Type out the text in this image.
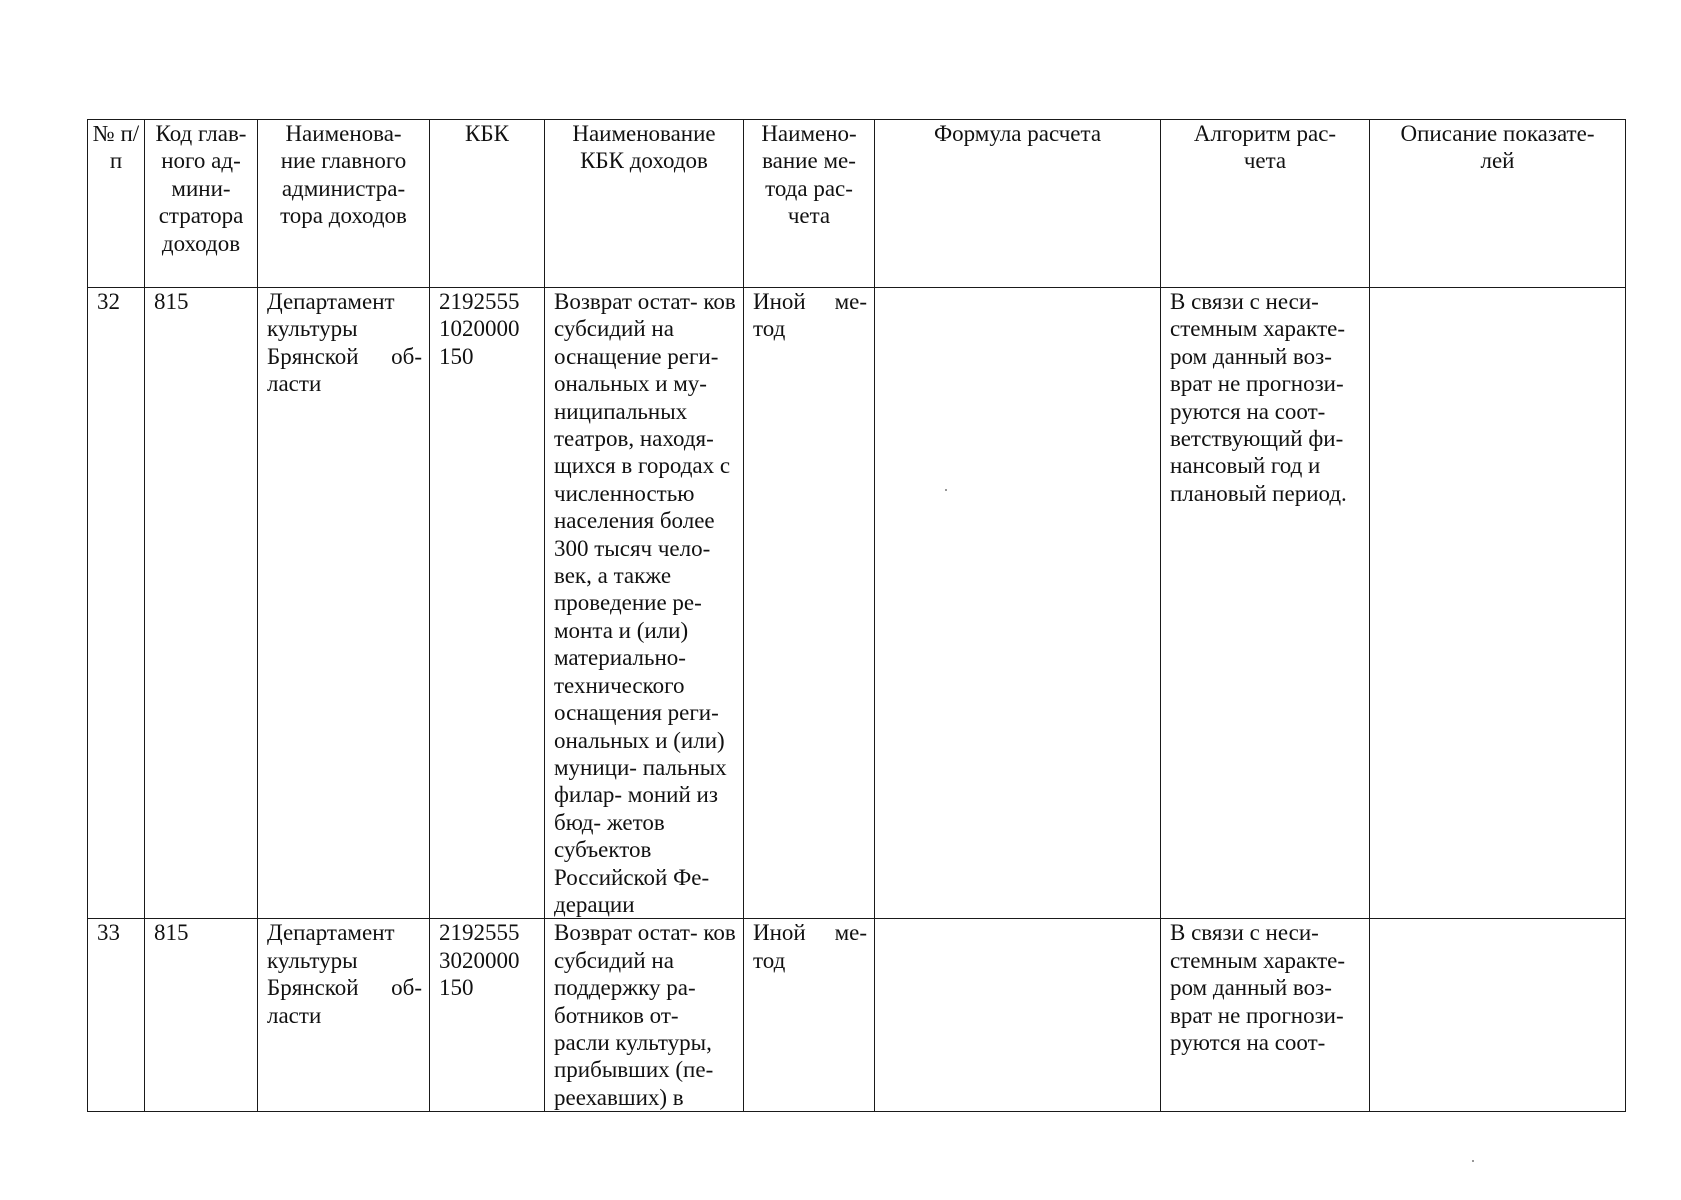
№ п/п	Код глав-
ного ад-
мини-
стратора доходов	Наименова-
ние главного администра-
тора доходов	КБК	Наименование КБК доходов	Наимено-
вание ме-
тода рас-
чета	Формула расчета	Алгоритм рас-
чета	Описание показате-
лей
32	815	Департамент культуры Брянской об- ласти	2192555 1020000 150	Возврат остат- ков субсидий на оснащение реги- ональных и му- ниципальных театров, находя- щихся в городах с численностью населения более 300 тысяч чело- век, а также проведение ре- монта и (или) материально- технического оснащения реги- ональных и (или) муници- пальных филар- моний из бюд- жетов субъектов Российской Фе- дерации	Иной ме- тод		В связи с неси- стемным характе- ром данный воз- врат не прогнози- руются на соот- ветствующий фи- нансовый год и плановый период.	
33	815	Департамент культуры Брянской об- ласти	2192555 3020000 150	Возврат остат- ков субсидий на поддержку ра- ботников от- расли культуры, прибывших (пе- реехавших) в	Иной ме- тод		В связи с неси- стемным характе- ром данный воз- врат не прогнози- руются на соот-	
